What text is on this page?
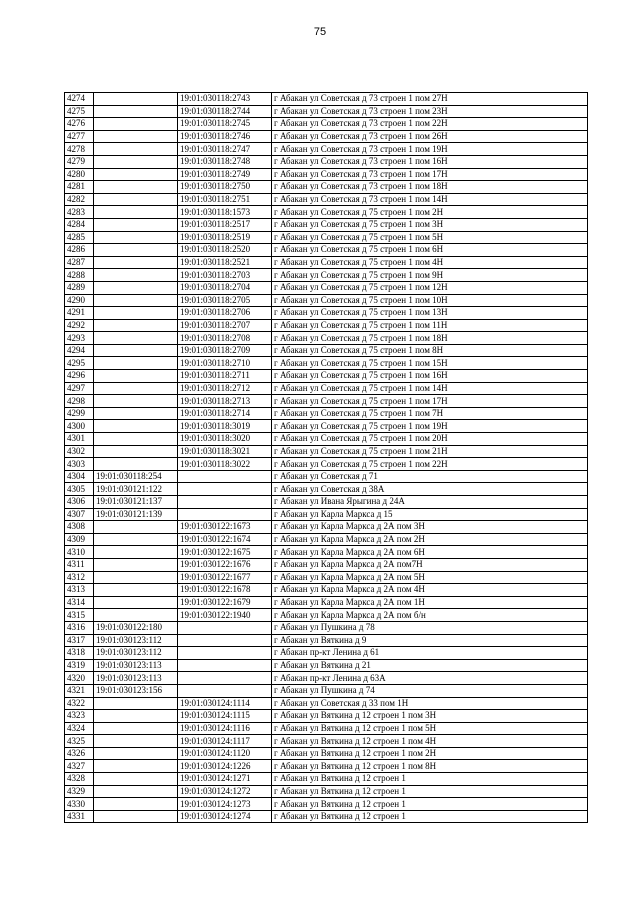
75
4274		19:01:030118:2743	г Абакан ул Советская д 73 строен 1 пом 27Н
4275		19:01:030118:2744	г Абакан ул Советская д 73 строен 1 пом 23Н
4276		19:01:030118:2745	г Абакан ул Советская д 73 строен 1 пом 22Н
4277		19:01:030118:2746	г Абакан ул Советская д 73 строен 1 пом 26Н
4278		19:01:030118:2747	г Абакан ул Советская д 73 строен 1 пом 19Н
4279		19:01:030118:2748	г Абакан ул Советская д 73 строен 1 пом 16Н
4280		19:01:030118:2749	г Абакан ул Советская д 73 строен 1 пом 17Н
4281		19:01:030118:2750	г Абакан ул Советская д 73 строен 1 пом 18Н
4282		19:01:030118:2751	г Абакан ул Советская д 73 строен 1 пом 14Н
4283		19:01:030118:1573	г Абакан ул Советская д 75 строен 1 пом 2Н
4284		19:01:030118:2517	г Абакан ул Советская д 75 строен 1 пом 3Н
4285		19:01:030118:2519	г Абакан ул Советская д 75 строен 1 пом 5Н
4286		19:01:030118:2520	г Абакан ул Советская д 75 строен 1 пом 6Н
4287		19:01:030118:2521	г Абакан ул Советская д 75 строен 1 пом 4Н
4288		19:01:030118:2703	г Абакан ул Советская д 75 строен 1 пом 9Н
4289		19:01:030118:2704	г Абакан ул Советская д 75 строен 1 пом 12Н
4290		19:01:030118:2705	г Абакан ул Советская д 75 строен 1 пом 10Н
4291		19:01:030118:2706	г Абакан ул Советская д 75 строен 1 пом 13Н
4292		19:01:030118:2707	г Абакан ул Советская д 75 строен 1 пом 11Н
4293		19:01:030118:2708	г Абакан ул Советская д 75 строен 1 пом 18Н
4294		19:01:030118:2709	г Абакан ул Советская д 75 строен 1 пом 8Н
4295		19:01:030118:2710	г Абакан ул Советская д 75 строен 1 пом 15Н
4296		19:01:030118:2711	г Абакан ул Советская д 75 строен 1 пом 16Н
4297		19:01:030118:2712	г Абакан ул Советская д 75 строен 1 пом 14Н
4298		19:01:030118:2713	г Абакан ул Советская д 75 строен 1 пом 17Н
4299		19:01:030118:2714	г Абакан ул Советская д 75 строен 1 пом 7Н
4300		19:01:030118:3019	г Абакан ул Советская д 75 строен 1 пом 19Н
4301		19:01:030118:3020	г Абакан ул Советская д 75 строен 1 пом 20Н
4302		19:01:030118:3021	г Абакан ул Советская д 75 строен 1 пом 21Н
4303		19:01:030118:3022	г Абакан ул Советская д 75 строен 1 пом 22Н
4304	19:01:030118:254		г Абакан ул Советская д 71
4305	19:01:030121:122		г Абакан ул Советская д 38А
4306	19:01:030121:137		г Абакан ул Ивана Ярыгина д 24А
4307	19:01:030121:139		г Абакан ул Карла Маркса д 15
4308		19:01:030122:1673	г Абакан ул Карла Маркса д 2А пом 3Н
4309		19:01:030122:1674	г Абакан ул Карла Маркса д 2А пом 2Н
4310		19:01:030122:1675	г Абакан ул Карла Маркса д 2А пом 6Н
4311		19:01:030122:1676	г Абакан ул Карла Маркса д 2А пом7Н
4312		19:01:030122:1677	г Абакан ул Карла Маркса д 2А пом 5Н
4313		19:01:030122:1678	г Абакан ул Карла Маркса д 2А пом 4Н
4314		19:01:030122:1679	г Абакан ул Карла Маркса д 2А пом 1Н
4315		19:01:030122:1940	г Абакан ул Карла Маркса д 2А пом б/н
4316	19:01:030122:180		г Абакан ул Пушкина д 78
4317	19:01:030123:112		г Абакан ул Вяткина д 9
4318	19:01:030123:112		г Абакан пр-кт Ленина д 61
4319	19:01:030123:113		г Абакан ул Вяткина д 21
4320	19:01:030123:113		г Абакан пр-кт Ленина д 63А
4321	19:01:030123:156		г Абакан ул Пушкина д 74
4322		19:01:030124:1114	г Абакан ул Советская д 33 пом 1Н
4323		19:01:030124:1115	г Абакан ул Вяткина д 12 строен 1 пом 3Н
4324		19:01:030124:1116	г Абакан ул Вяткина д 12 строен 1 пом 5Н
4325		19:01:030124:1117	г Абакан ул Вяткина д 12 строен 1 пом 4Н
4326		19:01:030124:1120	г Абакан ул Вяткина д 12 строен 1 пом 2Н
4327		19:01:030124:1226	г Абакан ул Вяткина д 12 строен 1 пом 8Н
4328		19:01:030124:1271	г Абакан ул Вяткина д 12 строен 1
4329		19:01:030124:1272	г Абакан ул Вяткина д 12 строен 1
4330		19:01:030124:1273	г Абакан ул Вяткина д 12 строен 1
4331		19:01:030124:1274	г Абакан ул Вяткина д 12 строен 1
